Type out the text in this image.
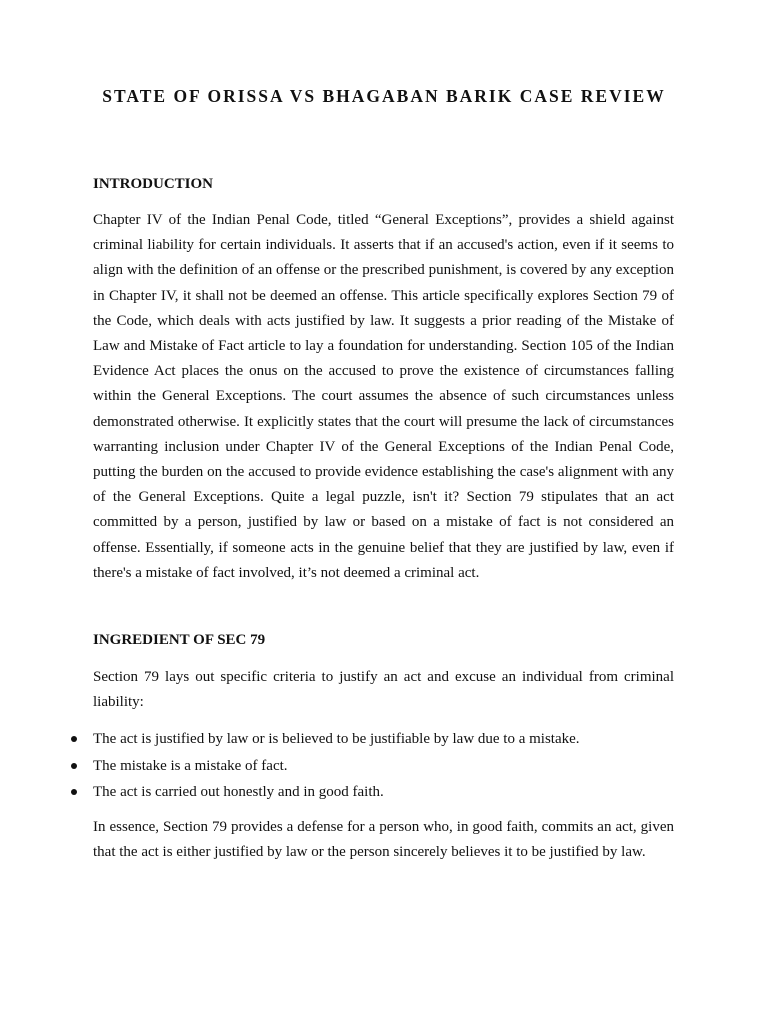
STATE OF ORISSA VS BHAGABAN BARIK CASE REVIEW
INTRODUCTION

Chapter IV of the Indian Penal Code, titled “General Exceptions”, provides a shield against criminal liability for certain individuals. It asserts that if an accused's action, even if it seems to align with the definition of an offense or the prescribed punishment, is covered by any exception in Chapter IV, it shall not be deemed an offense. This article specifically explores Section 79 of the Code, which deals with acts justified by law. It suggests a prior reading of the Mistake of Law and Mistake of Fact article to lay a foundation for understanding. Section 105 of the Indian Evidence Act places the onus on the accused to prove the existence of circumstances falling within the General Exceptions. The court assumes the absence of such circumstances unless demonstrated otherwise. It explicitly states that the court will presume the lack of circumstances warranting inclusion under Chapter IV of the General Exceptions of the Indian Penal Code, putting the burden on the accused to provide evidence establishing the case's alignment with any of the General Exceptions. Quite a legal puzzle, isn't it? Section 79 stipulates that an act committed by a person, justified by law or based on a mistake of fact is not considered an offense. Essentially, if someone acts in the genuine belief that they are justified by law, even if there's a mistake of fact involved, it’s not deemed a criminal act.

INGREDIENT OF SEC 79

Section 79 lays out specific criteria to justify an act and excuse an individual from criminal liability:

The act is justified by law or is believed to be justifiable by law due to a mistake.
The mistake is a mistake of fact.
The act is carried out honestly and in good faith.

In essence, Section 79 provides a defense for a person who, in good faith, commits an act, given that the act is either justified by law or the person sincerely believes it to be justified by law.
